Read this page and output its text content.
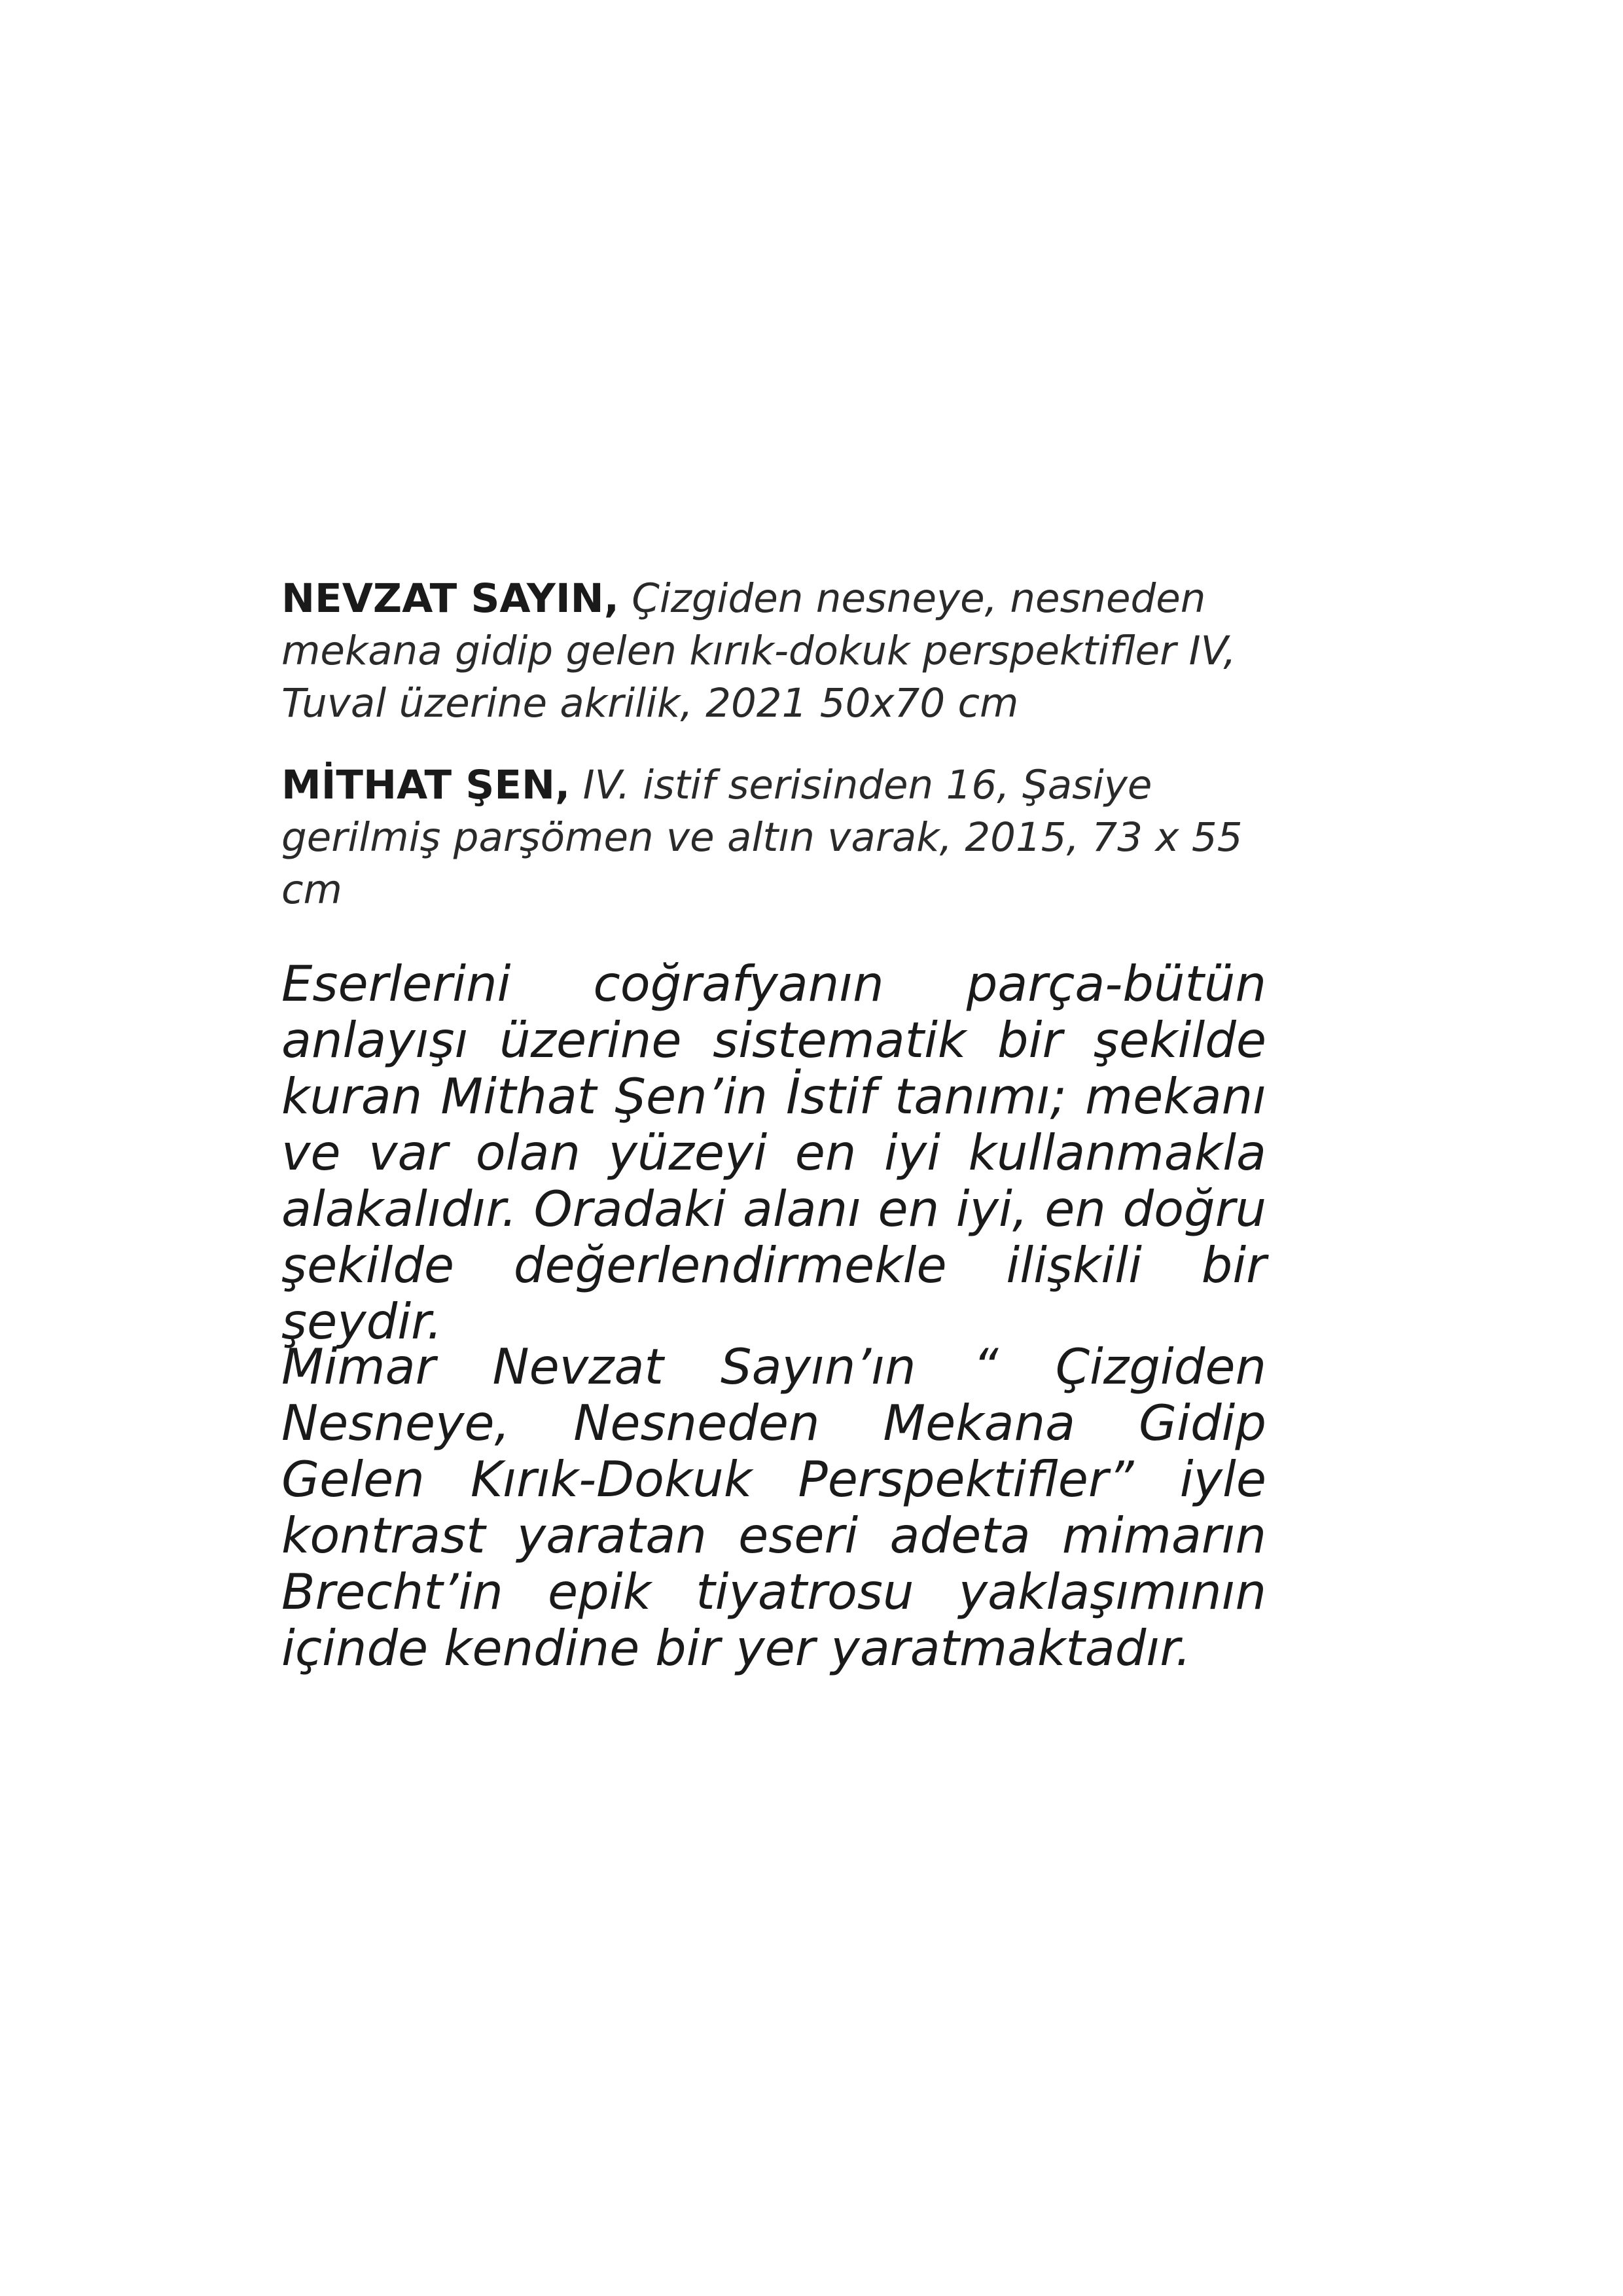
NEVZAT SAYIN, Çizgiden nesneye, nesneden mekana gidip gelen kırık-dokuk perspektifler IV, Tuval üzerine akrilik, 2021 50x70 cm

MİTHAT ŞEN, IV. istif serisinden 16, Şasiye gerilmiş parşömen ve altın varak, 2015, 73 x 55 cm

Eserlerini coğrafyanın parça-bütün anlayışı üzerine sistematik bir şekilde kuran Mithat Şen’in İstif tanımı; mekanı ve var olan yüzeyi en iyi kullanmakla alakalıdır. Oradaki alanı en iyi, en doğru şekilde değerlendirmekle ilişkili bir şeydir.

Mimar Nevzat Sayın’ın “ Çizgiden Nesneye, Nesneden Mekana Gidip Gelen Kırık-Dokuk Perspektifler” iyle kontrast yaratan eseri adeta mimarın Brecht’in epik tiyatrosu yaklaşımının içinde kendine bir yer yaratmaktadır.
